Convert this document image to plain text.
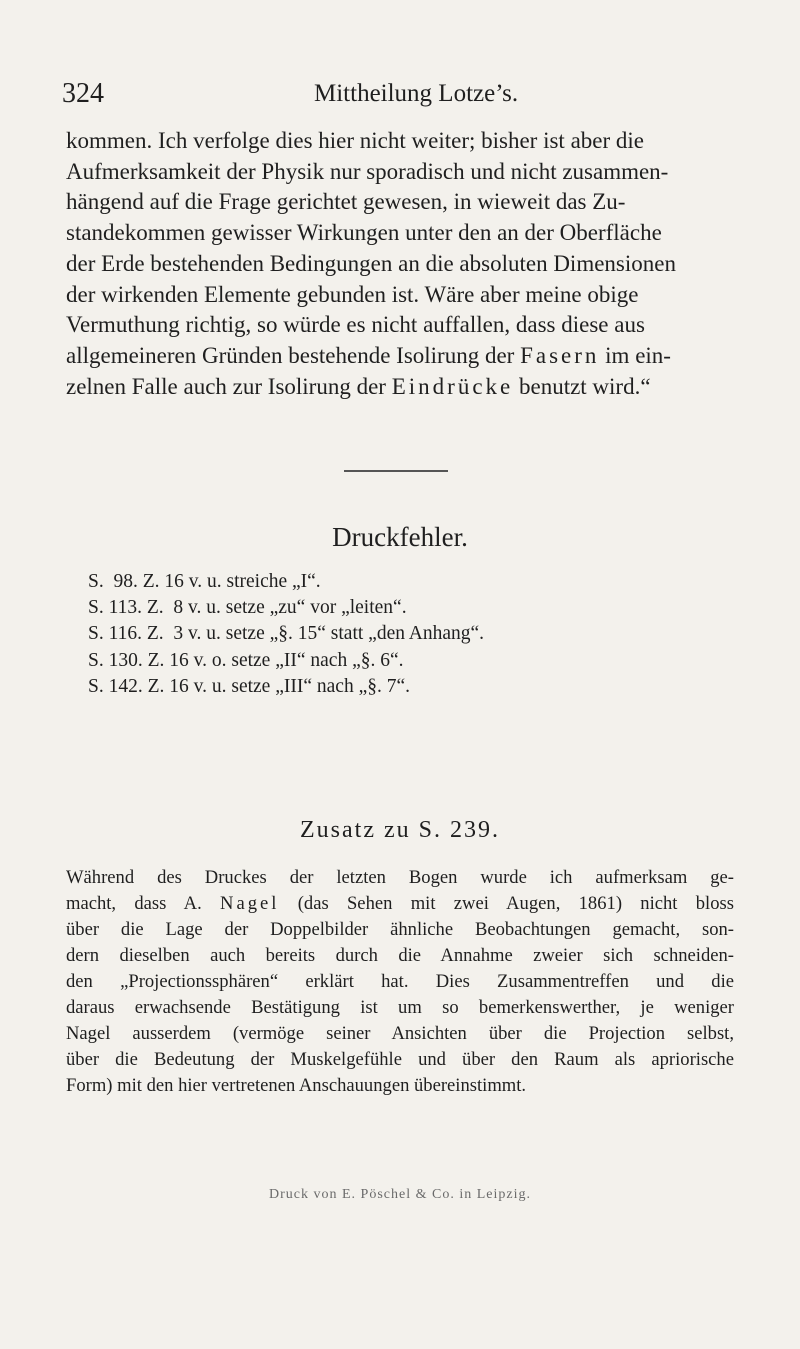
324	Mittheilung Lotze’s.

kommen. Ich verfolge dies hier nicht weiter; bisher ist aber die
Aufmerksamkeit der Physik nur sporadisch und nicht zusammen-
hängend auf die Frage gerichtet gewesen, in wieweit das Zu-
standekommen gewisser Wirkungen unter den an der Oberfläche
der Erde bestehenden Bedingungen an die absoluten Dimensionen
der wirkenden Elemente gebunden ist. Wäre aber meine obige
Vermuthung richtig, so würde es nicht auffallen, dass diese aus
allgemeineren Gründen bestehende Isolirung der Fasern im ein-
zelnen Falle auch zur Isolirung der Eindrücke benutzt wird.“

Druckfehler.
S.  98. Z. 16 v. u. streiche „I“.
S. 113. Z.  8 v. u. setze „zu“ vor „leiten“.
S. 116. Z.  3 v. u. setze „§. 15“ statt „den Anhang“.
S. 130. Z. 16 v. o. setze „II“ nach „§. 6“.
S. 142. Z. 16 v. u. setze „III“ nach „§. 7“.
Zusatz zu S. 239.

Während des Druckes der letzten Bogen wurde ich aufmerksam ge-
macht, dass A. Nagel (das Sehen mit zwei Augen, 1861) nicht bloss
über die Lage der Doppelbilder ähnliche Beobachtungen gemacht, son-
dern dieselben auch bereits durch die Annahme zweier sich schneiden-
den „Projectionssphären“ erklärt hat. Dies Zusammentreffen und die
daraus erwachsende Bestätigung ist um so bemerkenswerther, je weniger
Nagel ausserdem (vermöge seiner Ansichten über die Projection selbst,
über die Bedeutung der Muskelgefühle und über den Raum als apriorische
Form) mit den hier vertretenen Anschauungen übereinstimmt.

Druck von E. Pöschel & Co. in Leipzig.
